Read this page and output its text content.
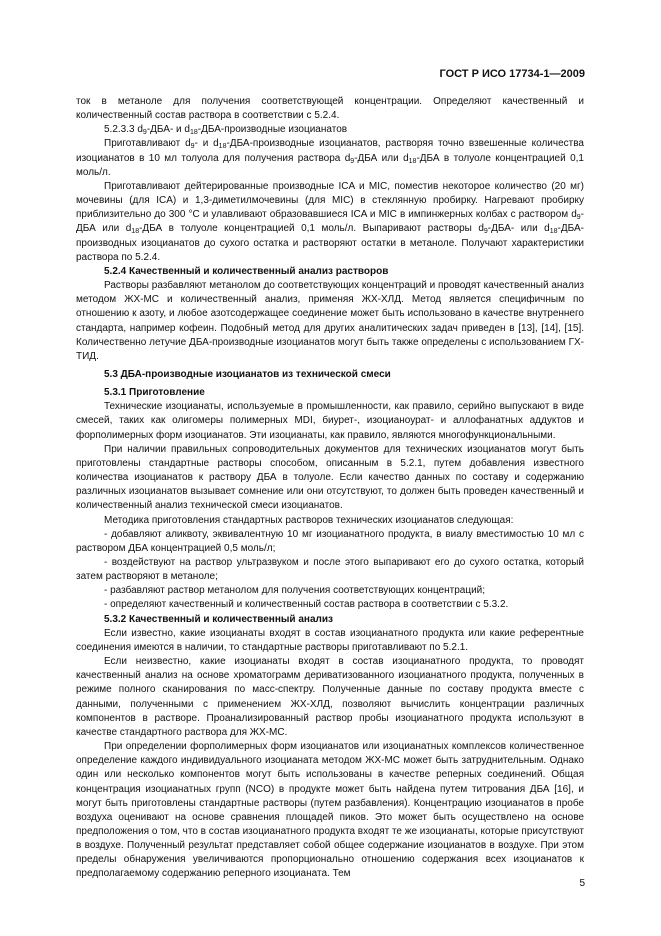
ГОСТ Р ИСО 17734-1—2009

ток в метаноле для получения соответствующей концентрации. Определяют качественный и количественный состав раствора в соответствии с 5.2.4.

5.2.3.3 $d_9-ДБА-$ и $d_{18}-ДБА$-производные изоцианатов

Приготавливают $d_9-$ и $d_{18}-ДБА$-производные изоцианатов, растворяя точно взвешенные количества изоцианатов в 10 мл толуола для получения раствора $d_9$-ДБА или $d_{18}$-ДБА в толуоле концентрацией 0,1 моль/л.

Приготавливают дейтерированные производные ICA и MIC, поместив некоторое количество (20 мг) мочевины (для ICA) и 1,3-диметилмочевины (для MIC) в стеклянную пробирку. Нагревают пробирку приблизительно до 300 °С и улавливают образовавшиеся ICA и MIC в импинжерных колбах с раствором $d_9$-ДБА или $d_{18}$-ДБА в толуоле концентрацией 0,1 моль/л. Выпаривают растворы $d_9-ДБА-$ или $d_{18}-ДБА$-производных изоцианатов до сухого остатка и растворяют остатки в метаноле. Получают характеристики раствора по 5.2.4.

5.2.4 Качественный и количественный анализ растворов

Растворы разбавляют метанолом до соответствующих концентраций и проводят качественный анализ методом ЖХ-МС и количественный анализ, применяя ЖХ-ХЛД. Метод является специфичным по отношению к азоту, и любое азотсодержащее соединение может быть использовано в качестве внутреннего стандарта, например кофеин. Подобный метод для других аналитических задач приведен в [13], [14], [15]. Количественно летучие ДБА-производные изоцианатов могут быть также определены с использованием ГХ-ТИД.

5.3 ДБА-производные изоцианатов из технической смеси

5.3.1 Приготовление

Технические изоцианаты, используемые в промышленности, как правило, серийно выпускают в виде смесей, таких как олигомеры полимерных MDI, биурет-, изоцианоурат- и аллофанатных аддуктов и форполимерных форм изоцианатов. Эти изоцианаты, как правило, являются многофункциональными.

При наличии правильных сопроводительных документов для технических изоцианатов могут быть приготовлены стандартные растворы способом, описанным в 5.2.1, путем добавления известного количества изоцианатов к раствору ДБА в толуоле. Если качество данных по составу и содержанию различных изоцианатов вызывает сомнение или они отсутствуют, то должен быть проведен качественный и количественный анализ технической смеси изоцианатов.

Методика приготовления стандартных растворов технических изоцианатов следующая:

- добавляют аликвоту, эквивалентную 10 мг изоцианатного продукта, в виалу вместимостью 10 мл с раствором ДБА концентрацией 0,5 моль/л;

- воздействуют на раствор ультразвуком и после этого выпаривают его до сухого остатка, который затем растворяют в метаноле;

- разбавляют раствор метанолом для получения соответствующих концентраций;

- определяют качественный и количественный состав раствора в соответствии с 5.3.2.

5.3.2 Качественный и количественный анализ

Если известно, какие изоцианаты входят в состав изоцианатного продукта или какие референтные соединения имеются в наличии, то стандартные растворы приготавливают по 5.2.1.

Если неизвестно, какие изоцианаты входят в состав изоцианатного продукта, то проводят качественный анализ на основе хроматограмм дериватизованного изоцианатного продукта, полученных в режиме полного сканирования по масс-спектру. Полученные данные по составу продукта вместе с данными, полученными с применением ЖХ-ХЛД, позволяют вычислить концентрации различных компонентов в растворе. Проанализированный раствор пробы изоцианатного продукта используют в качестве стандартного раствора для ЖХ-МС.

При определении форполимерных форм изоцианатов или изоцианатных комплексов количественное определение каждого индивидуального изоцианата методом ЖХ-МС может быть затруднительным. Однако один или несколько компонентов могут быть использованы в качестве реперных соединений. Общая концентрация изоцианатных групп (NCO) в продукте может быть найдена путем титрования ДБА [16], и могут быть приготовлены стандартные растворы (путем разбавления). Концентрацию изоцианатов в пробе воздуха оценивают на основе сравнения площадей пиков. Это может быть осуществлено на основе предположения о том, что в состав изоцианатного продукта входят те же изоцианаты, которые присутствуют в воздухе. Полученный результат представляет собой общее содержание изоцианатов в воздухе. При этом пределы обнаружения увеличиваются пропорционально отношению содержания всех изоцианатов к предполагаемому содержанию реперного изоцианата. Тем

5
